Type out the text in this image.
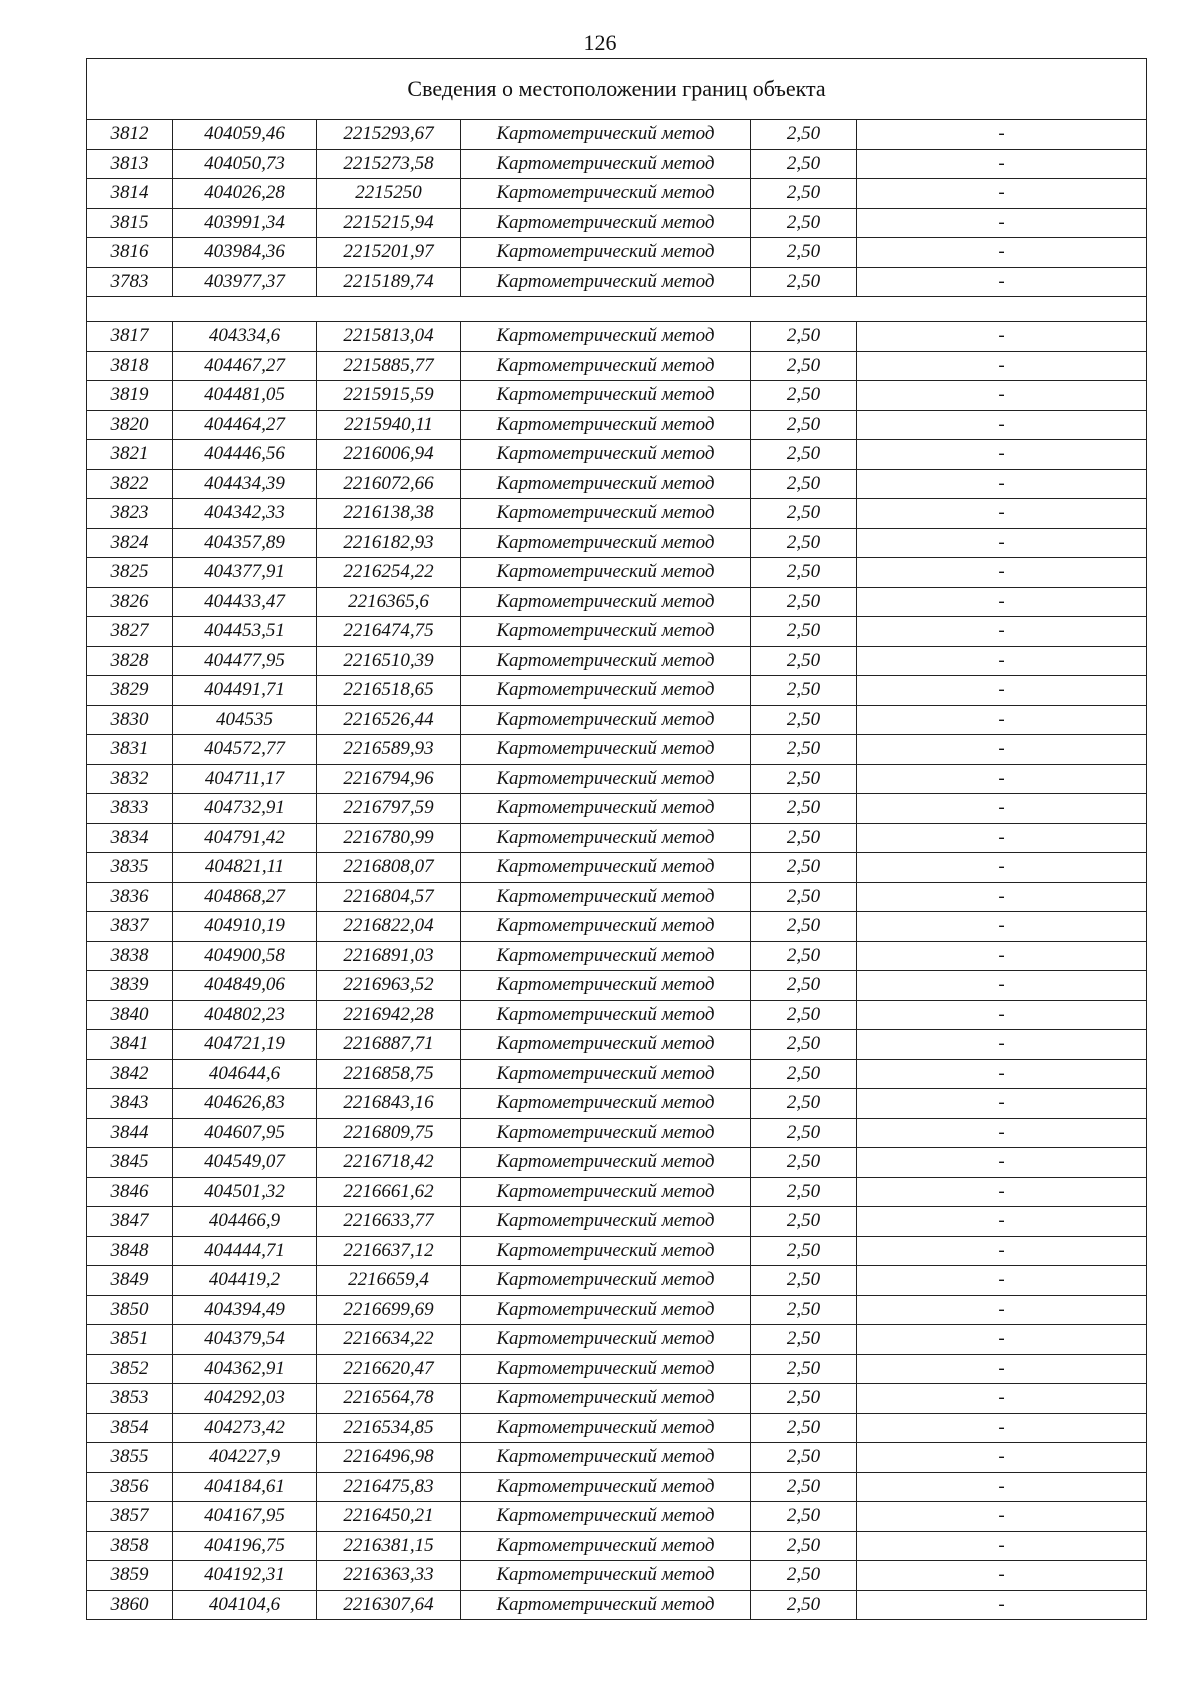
126
Сведения о местоположении границ объекта					
3812	404059,46	2215293,67	Картометрический метод	2,50	-
3813	404050,73	2215273,58	Картометрический метод	2,50	-
3814	404026,28	2215250	Картометрический метод	2,50	-
3815	403991,34	2215215,94	Картометрический метод	2,50	-
3816	403984,36	2215201,97	Картометрический метод	2,50	-
3783	403977,37	2215189,74	Картометрический метод	2,50	-

3817	404334,6	2215813,04	Картометрический метод	2,50	-
3818	404467,27	2215885,77	Картометрический метод	2,50	-
3819	404481,05	2215915,59	Картометрический метод	2,50	-
3820	404464,27	2215940,11	Картометрический метод	2,50	-
3821	404446,56	2216006,94	Картометрический метод	2,50	-
3822	404434,39	2216072,66	Картометрический метод	2,50	-
3823	404342,33	2216138,38	Картометрический метод	2,50	-
3824	404357,89	2216182,93	Картометрический метод	2,50	-
3825	404377,91	2216254,22	Картометрический метод	2,50	-
3826	404433,47	2216365,6	Картометрический метод	2,50	-
3827	404453,51	2216474,75	Картометрический метод	2,50	-
3828	404477,95	2216510,39	Картометрический метод	2,50	-
3829	404491,71	2216518,65	Картометрический метод	2,50	-
3830	404535	2216526,44	Картометрический метод	2,50	-
3831	404572,77	2216589,93	Картометрический метод	2,50	-
3832	404711,17	2216794,96	Картометрический метод	2,50	-
3833	404732,91	2216797,59	Картометрический метод	2,50	-
3834	404791,42	2216780,99	Картометрический метод	2,50	-
3835	404821,11	2216808,07	Картометрический метод	2,50	-
3836	404868,27	2216804,57	Картометрический метод	2,50	-
3837	404910,19	2216822,04	Картометрический метод	2,50	-
3838	404900,58	2216891,03	Картометрический метод	2,50	-
3839	404849,06	2216963,52	Картометрический метод	2,50	-
3840	404802,23	2216942,28	Картометрический метод	2,50	-
3841	404721,19	2216887,71	Картометрический метод	2,50	-
3842	404644,6	2216858,75	Картометрический метод	2,50	-
3843	404626,83	2216843,16	Картометрический метод	2,50	-
3844	404607,95	2216809,75	Картометрический метод	2,50	-
3845	404549,07	2216718,42	Картометрический метод	2,50	-
3846	404501,32	2216661,62	Картометрический метод	2,50	-
3847	404466,9	2216633,77	Картометрический метод	2,50	-
3848	404444,71	2216637,12	Картометрический метод	2,50	-
3849	404419,2	2216659,4	Картометрический метод	2,50	-
3850	404394,49	2216699,69	Картометрический метод	2,50	-
3851	404379,54	2216634,22	Картометрический метод	2,50	-
3852	404362,91	2216620,47	Картометрический метод	2,50	-
3853	404292,03	2216564,78	Картометрический метод	2,50	-
3854	404273,42	2216534,85	Картометрический метод	2,50	-
3855	404227,9	2216496,98	Картометрический метод	2,50	-
3856	404184,61	2216475,83	Картометрический метод	2,50	-
3857	404167,95	2216450,21	Картометрический метод	2,50	-
3858	404196,75	2216381,15	Картометрический метод	2,50	-
3859	404192,31	2216363,33	Картометрический метод	2,50	-
3860	404104,6	2216307,64	Картометрический метод	2,50	-
